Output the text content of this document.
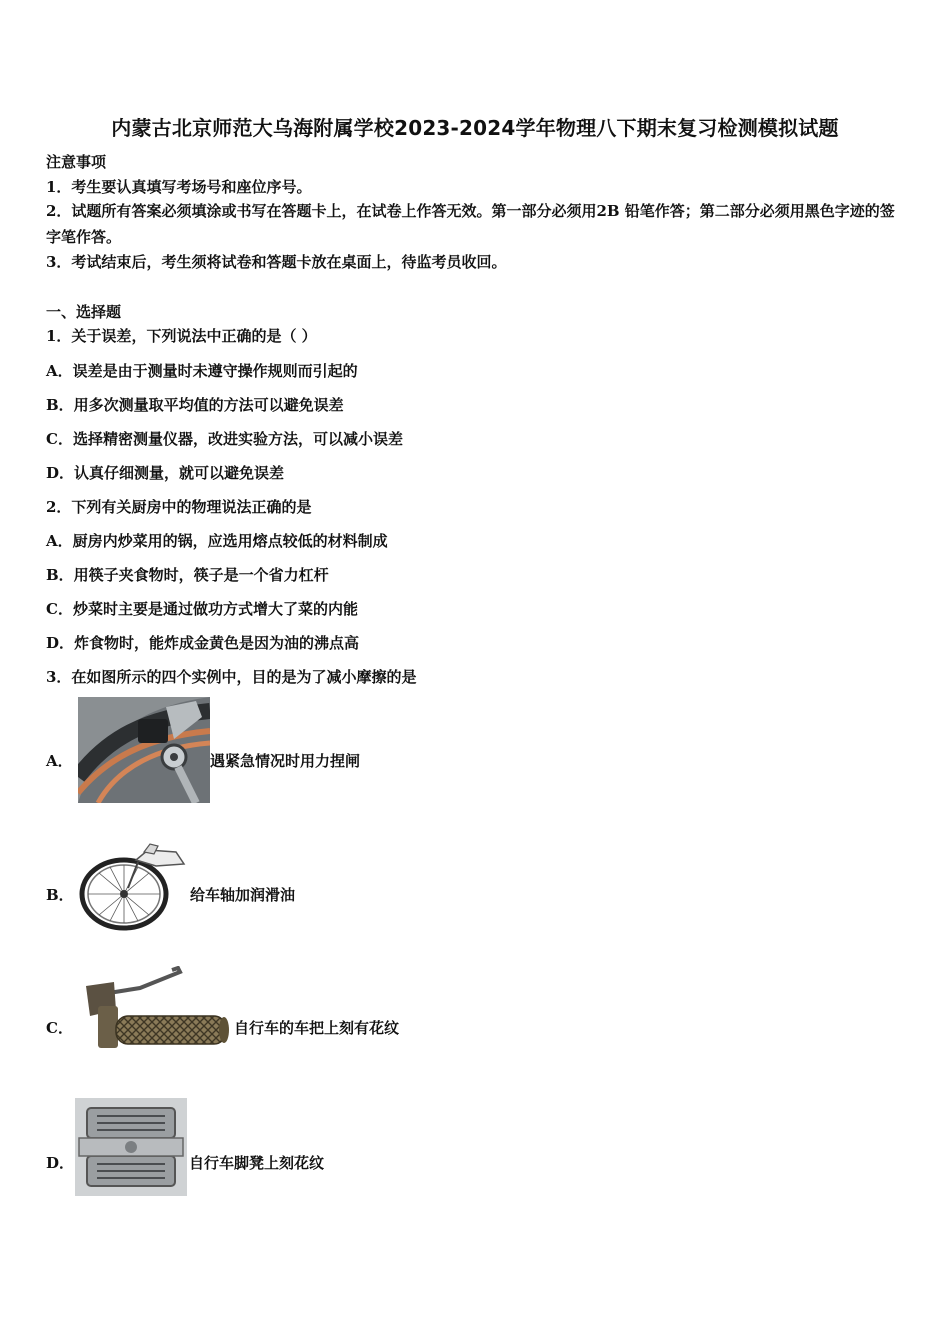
内蒙古北京师范大乌海附属学校2023-2024学年物理八下期末复习检测模拟试题
注意事项
1．考生要认真填写考场号和座位序号。
2．试题所有答案必须填涂或书写在答题卡上，在试卷上作答无效。第一部分必须用2B 铅笔作答；第二部分必须用黑色字迹的签字笔作答。
3．考试结束后，考生须将试卷和答题卡放在桌面上，待监考员收回。
一、选择题
1．关于误差，下列说法中正确的是（ ）
A．误差是由于测量时未遵守操作规则而引起的
B．用多次测量取平均值的方法可以避免误差
C．选择精密测量仪器，改进实验方法，可以减小误差
D．认真仔细测量，就可以避免误差
2．下列有关厨房中的物理说法正确的是
A．厨房内炒菜用的锅，应选用熔点较低的材料制成
B．用筷子夹食物时，筷子是一个省力杠杆
C．炒菜时主要是通过做功方式增大了菜的内能
D．炸食物时，能炸成金黄色是因为油的沸点高
3．在如图所示的四个实例中，目的是为了减小摩擦的是
A．	遇紧急情况时用力捏闸
B．	给车轴加润滑油
C．	自行车的车把上刻有花纹
D．	自行车脚凳上刻花纹
